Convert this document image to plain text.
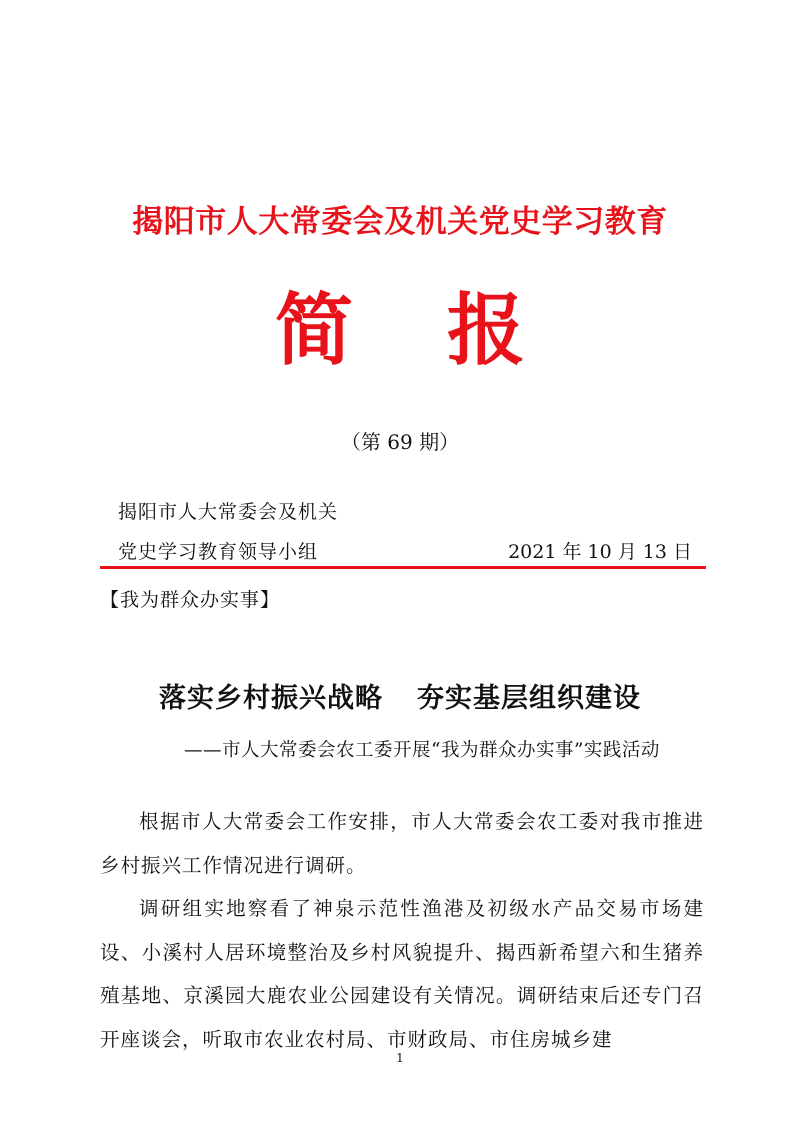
揭阳市人大常委会及机关党史学习教育
简 报
（第 69 期）
揭阳市人大常委会及机关
党史学习教育领导小组	2021 年 10 月 13 日
【我为群众办实事】
落实乡村振兴战略 夯实基层组织建设
——市人大常委会农工委开展“我为群众办实事”实践活动

根据市人大常委会工作安排，市人大常委会农工委对我市推进乡村振兴工作情况进行调研。

调研组实地察看了神泉示范性渔港及初级水产品交易市场建设、小溪村人居环境整治及乡村风貌提升、揭西新希望六和生猪养殖基地、京溪园大鹿农业公园建设有关情况。调研结束后还专门召开座谈会，听取市农业农村局、市财政局、市住房城乡建

1
